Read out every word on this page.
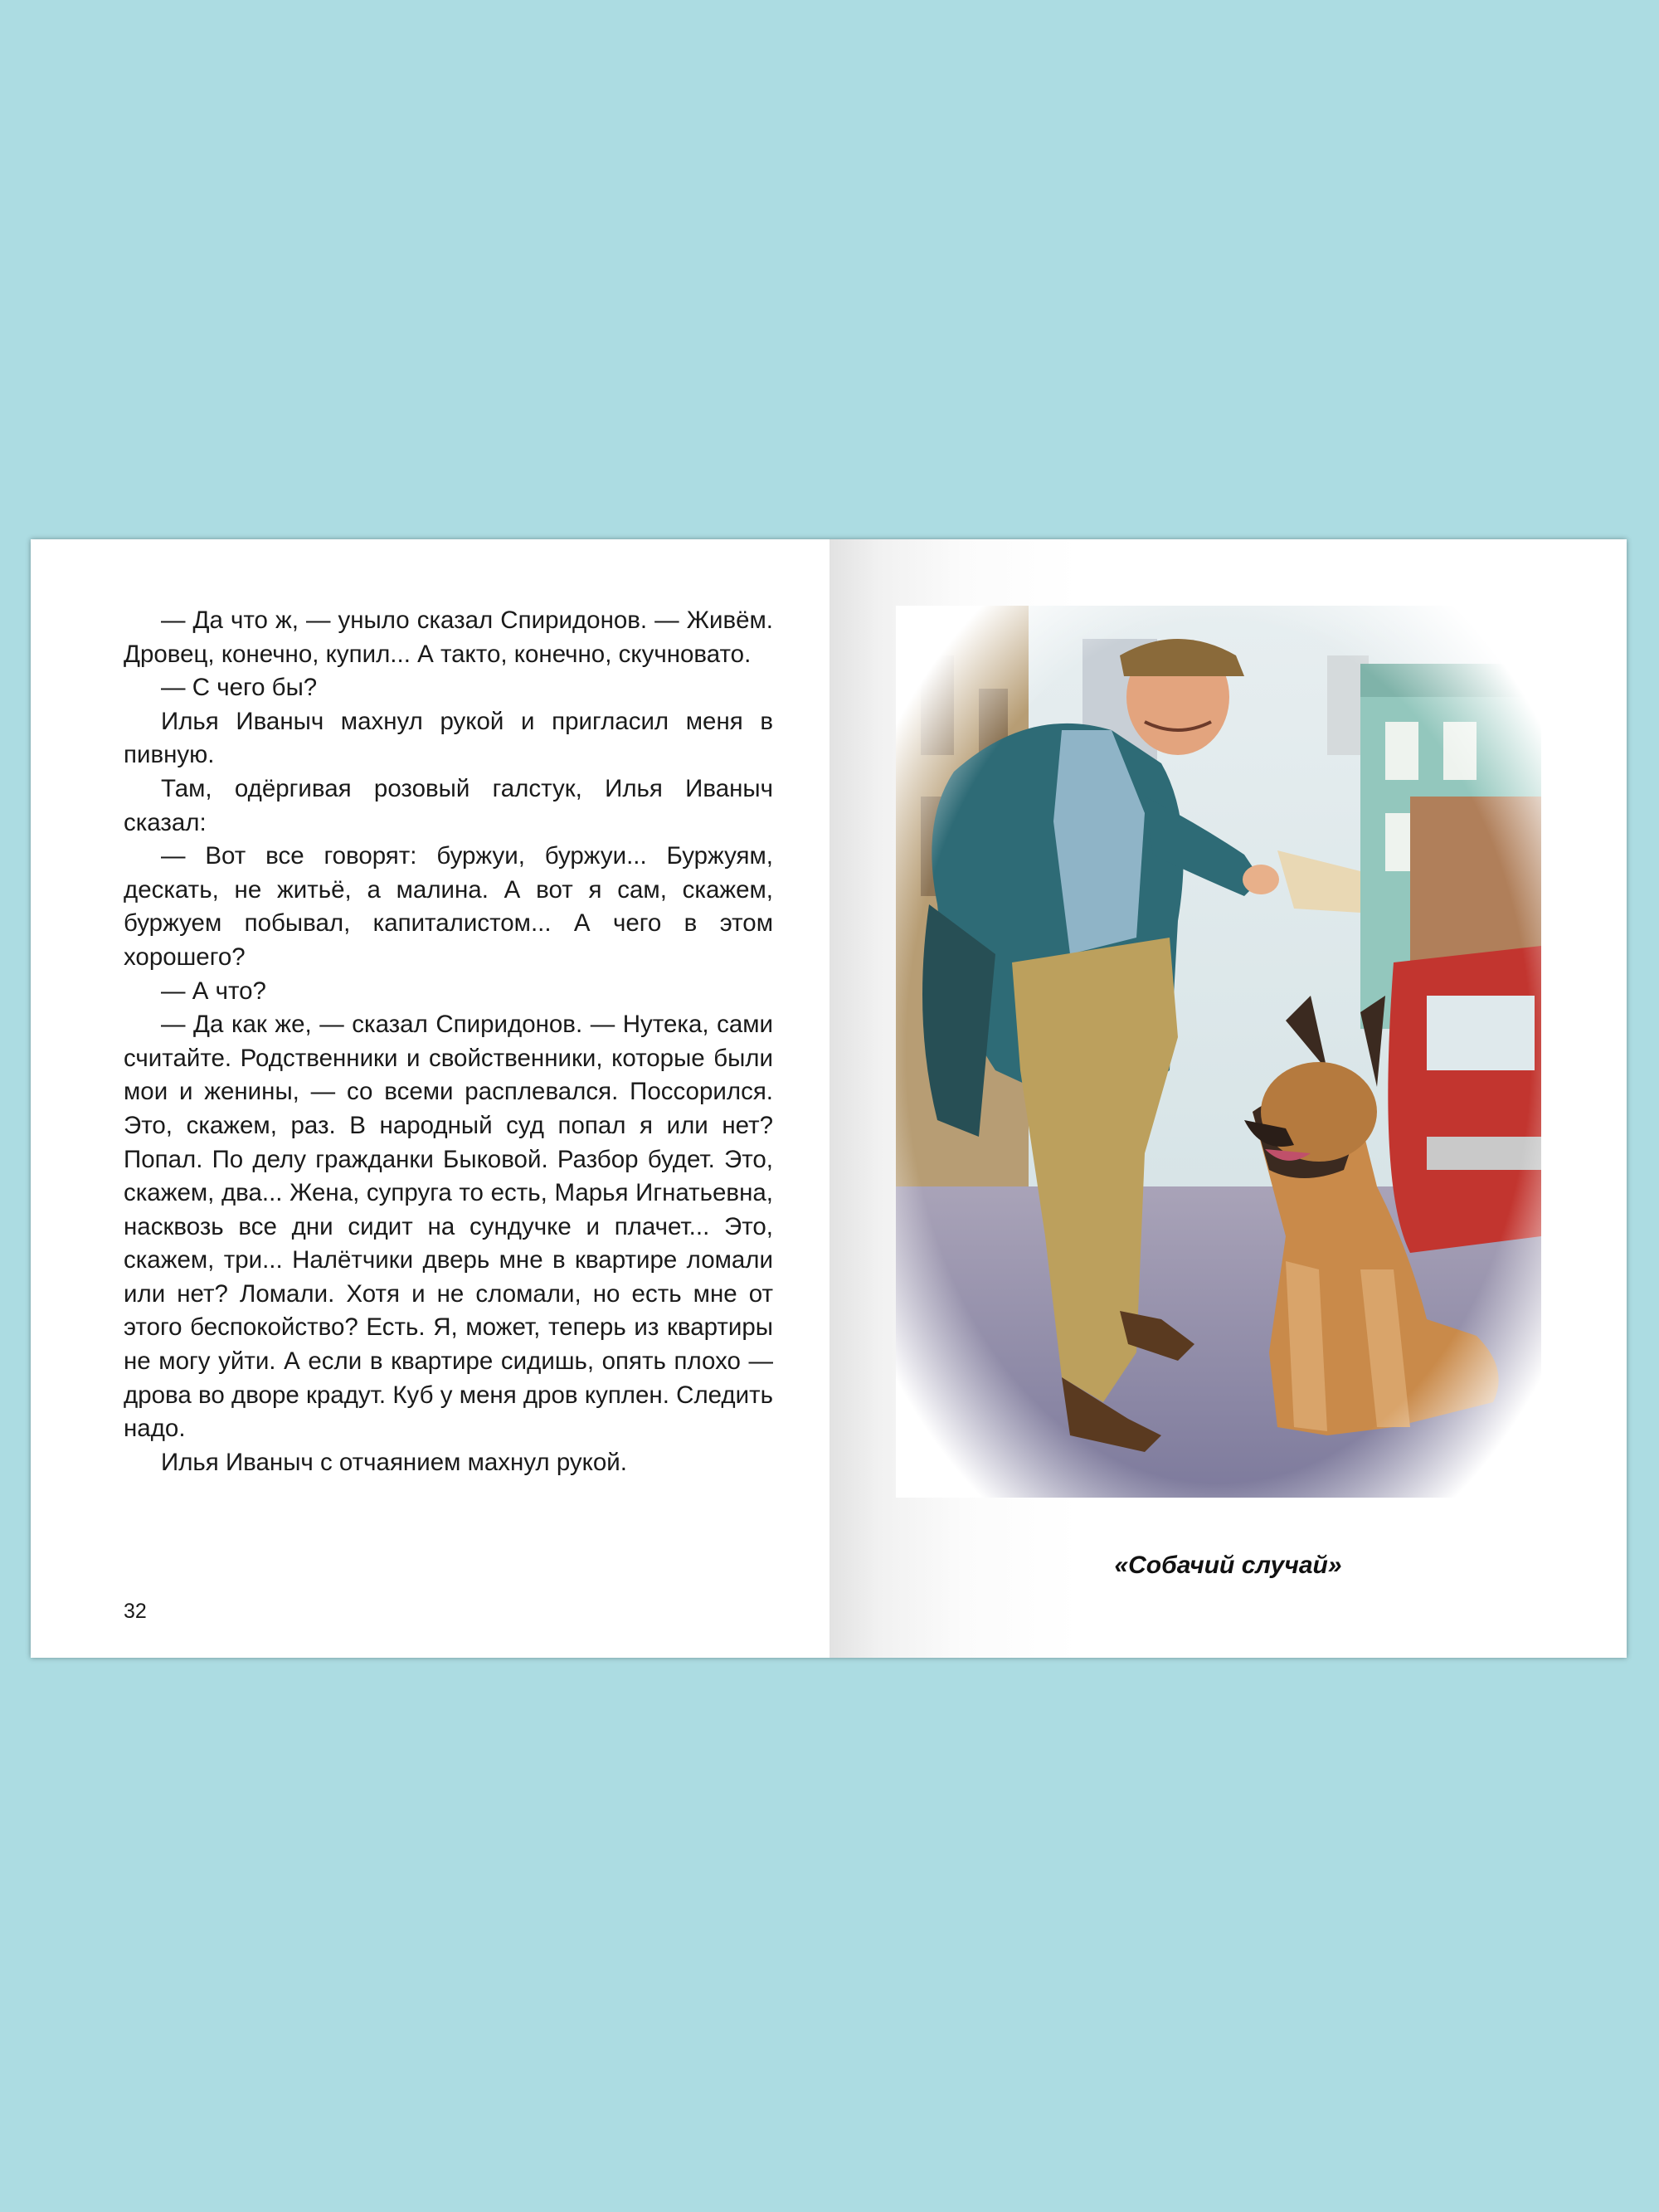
— Да что ж, — уныло сказал Спиридонов. — Живём. Дровец, конечно, купил... А такто, конечно, скучновато.

— С чего бы?

Илья Иваныч махнул рукой и пригласил меня в пивную.

Там, одёргивая розовый галстук, Илья Иваныч сказал:

— Вот все говорят: буржуи, буржуи... Буржуям, дескать, не житьё, а малина. А вот я сам, скажем, буржуем побывал, капиталистом... А чего в этом хорошего?

— А что?

— Да как же, — сказал Спиридонов. — Нутека, сами считайте. Родственники и свойственники, которые были мои и женины, — со всеми расплевался. Поссорился. Это, скажем, раз. В народный суд попал я или нет? Попал. По делу гражданки Быковой. Разбор будет. Это, скажем, два... Жена, супруга то есть, Марья Игнатьевна, насквозь все дни сидит на сундучке и плачет... Это, скажем, три... Налётчики дверь мне в квартире ломали или нет? Ломали. Хотя и не сломали, но есть мне от этого беспокойство? Есть. Я, может, теперь из квартиры не могу уйти. А если в квартире сидишь, опять плохо — дрова во дворе крадут. Куб у меня дров куплен. Следить надо.

Илья Иваныч с отчаянием махнул рукой.

32
«Собачий случай»
